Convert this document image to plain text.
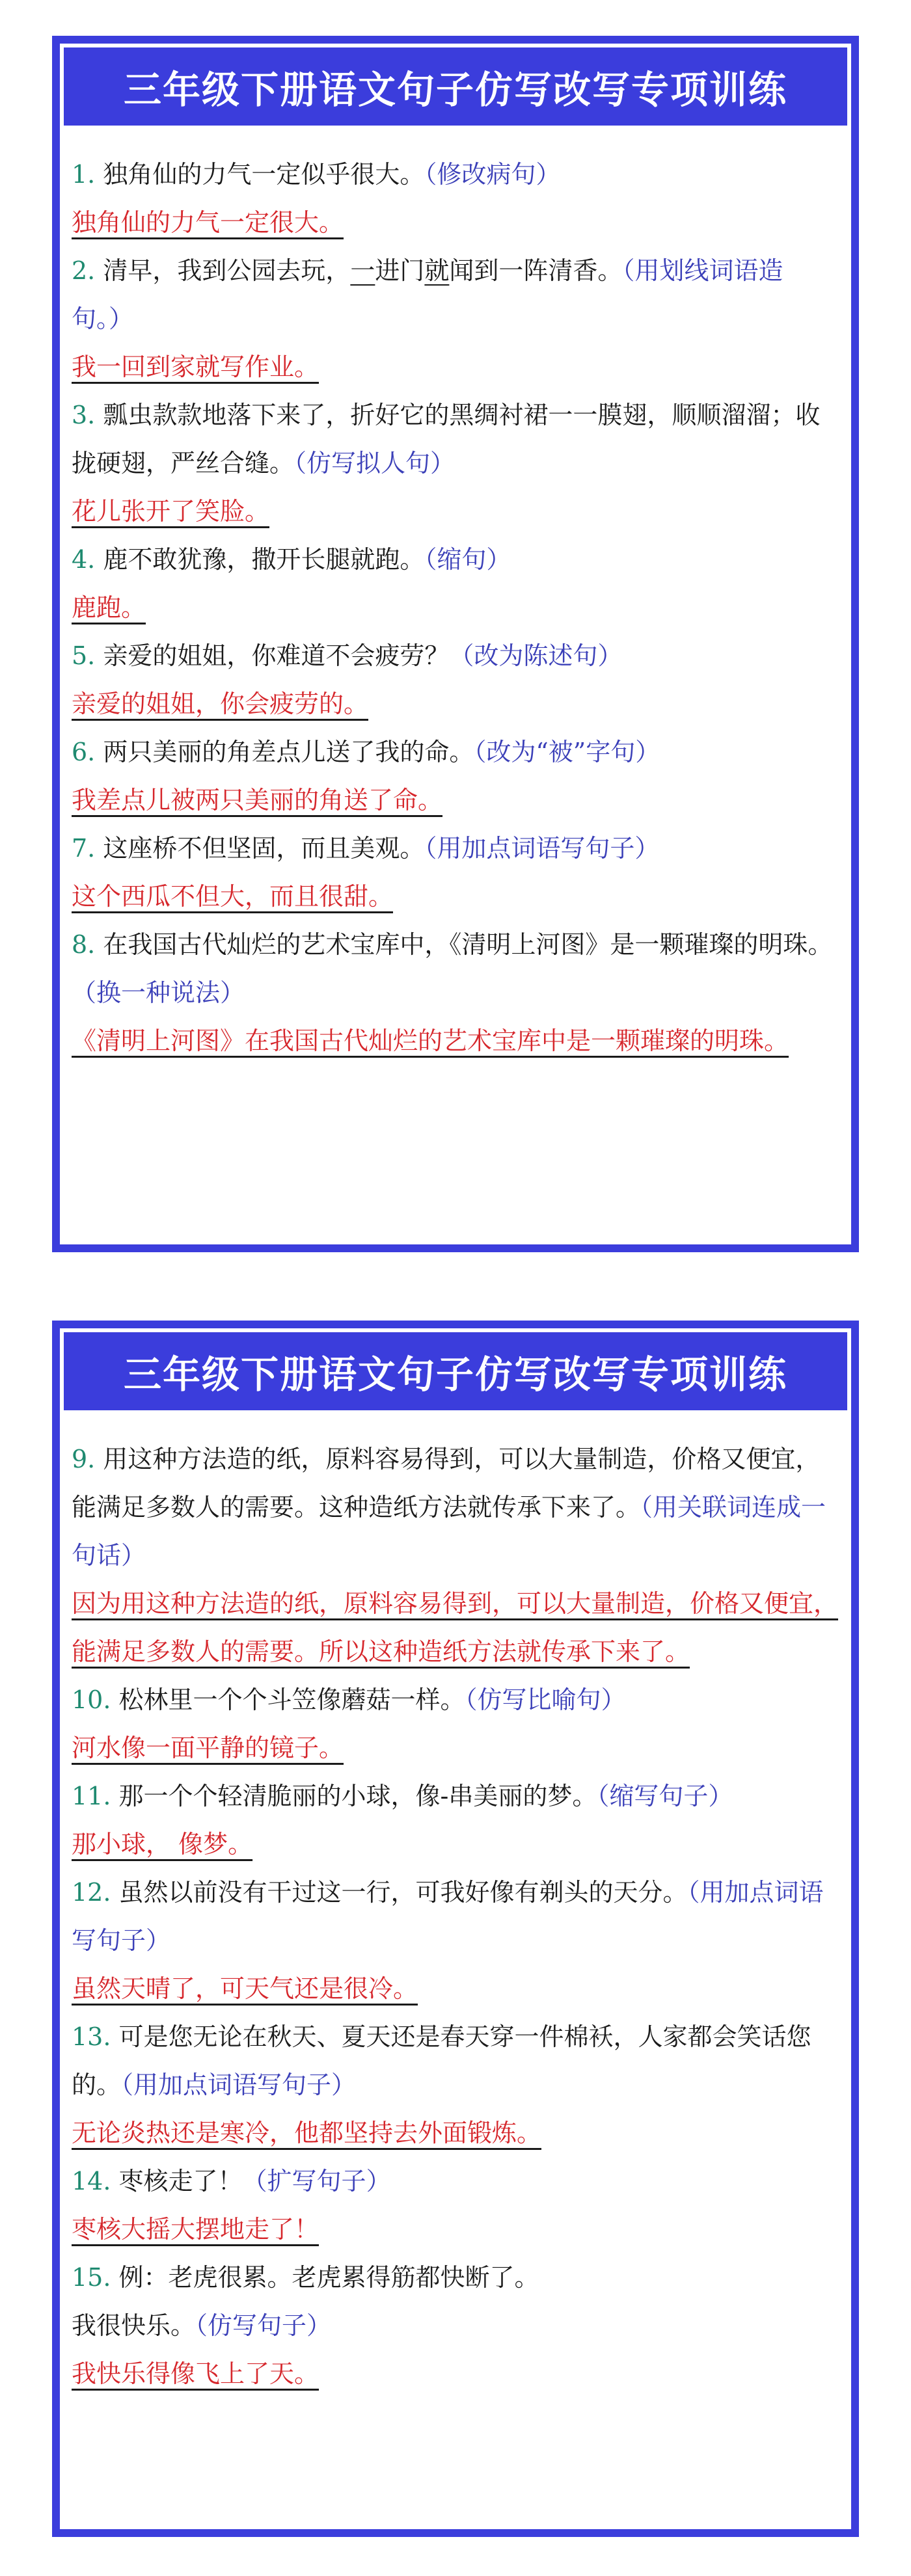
三年级下册语文句子仿写改写专项训练
1. 独角仙的力气一定似乎很大。（修改病句）
独角仙的力气一定很大。
2. 清早，我到公园去玩，一进门就闻到一阵清香。（用划线词语造句。）
我一回到家就写作业。
3. 瓢虫款款地落下来了，折好它的黑绸衬裙一一膜翅，顺顺溜溜；收拢硬翅，严丝合缝。（仿写拟人句）
花儿张开了笑脸。
4. 鹿不敢犹豫，撒开长腿就跑。（缩句）
鹿跑。
5. 亲爱的姐姐，你难道不会疲劳？（改为陈述句）
亲爱的姐姐，你会疲劳的。
6. 两只美丽的角差点儿送了我的命。（改为“被”字句）
我差点儿被两只美丽的角送了命。
7. 这座桥不但坚固，而且美观。（用加点词语写句子）
这个西瓜不但大，而且很甜。
8. 在我国古代灿烂的艺术宝库中，《清明上河图》是一颗璀璨的明珠。（换一种说法）
《清明上河图》在我国古代灿烂的艺术宝库中是一颗璀璨的明珠。
三年级下册语文句子仿写改写专项训练
9. 用这种方法造的纸，原料容易得到，可以大量制造，价格又便宜，能满足多数人的需要。这种造纸方法就传承下来了。（用关联词连成一句话）
因为用这种方法造的纸，原料容易得到，可以大量制造，价格又便宜，能满足多数人的需要。所以这种造纸方法就传承下来了。
10. 松林里一个个斗笠像蘑菇一样。（仿写比喻句）
河水像一面平静的镜子。
11. 那一个个轻清脆丽的小球，像-串美丽的梦。（缩写句子）
那小球， 像梦。
12. 虽然以前没有干过这一行，可我好像有剃头的天分。（用加点词语写句子）
虽然天晴了，可天气还是很冷。
13. 可是您无论在秋天、夏天还是春天穿一件棉袄，人家都会笑话您的。（用加点词语写句子）
无论炎热还是寒冷，他都坚持去外面锻炼。
14. 枣核走了！（扩写句子）
枣核大摇大摆地走了！
15. 例：老虎很累。老虎累得筋都快断了。
我很快乐。（仿写句子）
我快乐得像飞上了天。
